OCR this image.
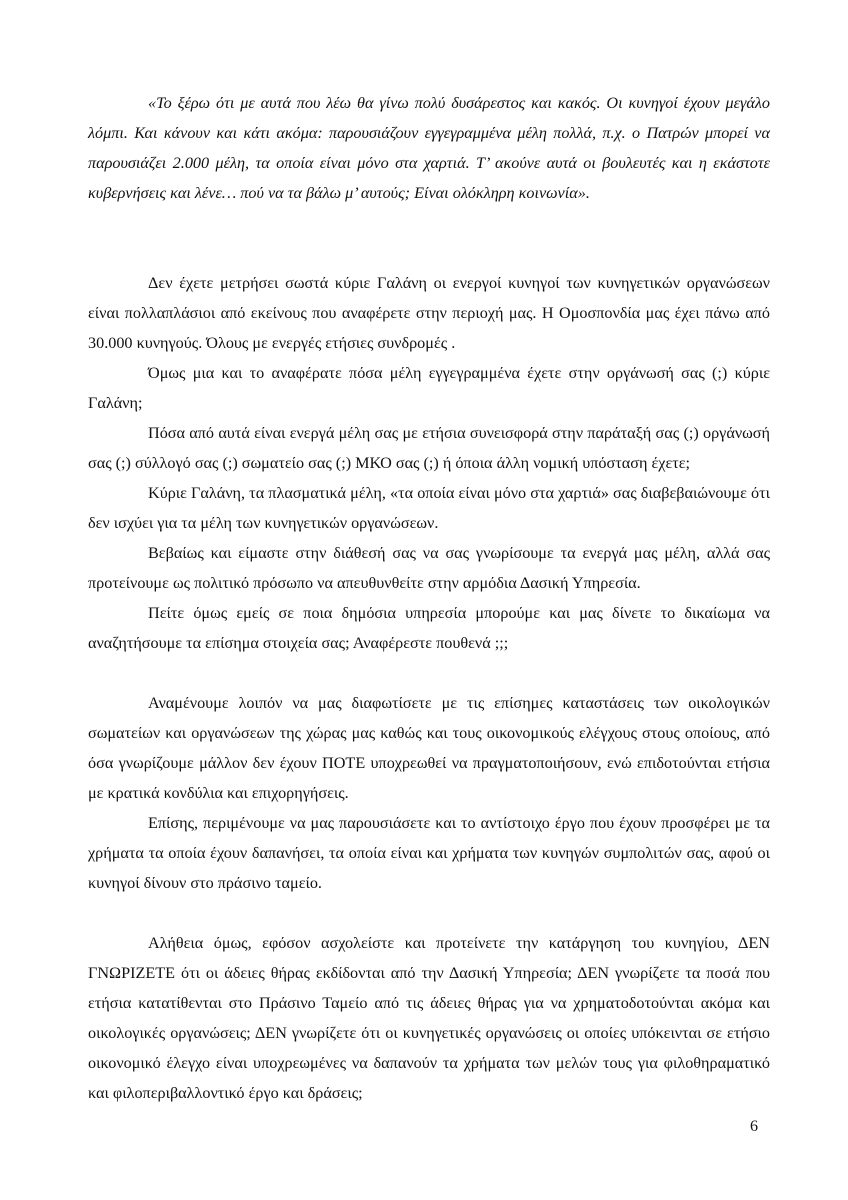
«Το ξέρω ότι με αυτά που λέω θα γίνω πολύ δυσάρεστος και κακός. Οι κυνηγοί έχουν μεγάλο λόμπι. Και κάνουν και κάτι ακόμα: παρουσιάζουν εγγεγραμμένα μέλη πολλά, π.χ. ο Πατρών μπορεί να παρουσιάζει 2.000 μέλη, τα οποία είναι μόνο στα χαρτιά. Τ’ ακούνε αυτά οι βουλευτές και η εκάστοτε κυβερνήσεις και λένε… πού να τα βάλω μ’ αυτούς; Είναι ολόκληρη κοινωνία».

Δεν έχετε μετρήσει σωστά κύριε Γαλάνη οι ενεργοί κυνηγοί των κυνηγετικών οργανώσεων είναι πολλαπλάσιοι από εκείνους που αναφέρετε στην περιοχή μας. Η Ομοσπονδία μας έχει πάνω από 30.000 κυνηγούς. Όλους με ενεργές ετήσιες συνδρομές .

Όμως μια και το αναφέρατε πόσα μέλη εγγεγραμμένα έχετε στην οργάνωσή σας (;) κύριε Γαλάνη;

Πόσα από αυτά είναι ενεργά μέλη σας με ετήσια συνεισφορά στην παράταξή σας (;) οργάνωσή σας (;) σύλλογό σας (;) σωματείο σας (;) ΜΚΟ σας (;) ή όποια άλλη νομική υπόσταση έχετε;

Κύριε Γαλάνη, τα πλασματικά μέλη, «τα οποία είναι μόνο στα χαρτιά» σας διαβεβαιώνουμε ότι δεν ισχύει για τα μέλη των κυνηγετικών οργανώσεων.

Βεβαίως και είμαστε στην διάθεσή σας να σας γνωρίσουμε τα ενεργά μας μέλη, αλλά σας προτείνουμε ως πολιτικό πρόσωπο να απευθυνθείτε στην αρμόδια Δασική Υπηρεσία.

Πείτε όμως εμείς σε ποια δημόσια υπηρεσία μπορούμε και μας δίνετε το δικαίωμα να αναζητήσουμε τα επίσημα στοιχεία σας; Αναφέρεστε πουθενά ;;;

Αναμένουμε λοιπόν να μας διαφωτίσετε με τις επίσημες καταστάσεις των οικολογικών σωματείων και οργανώσεων της χώρας μας καθώς και τους οικονομικούς ελέγχους στους οποίους, από όσα γνωρίζουμε μάλλον δεν έχουν ΠΟΤΕ υποχρεωθεί να πραγματοποιήσουν, ενώ επιδοτούνται ετήσια με κρατικά κονδύλια και επιχορηγήσεις.

Επίσης, περιμένουμε να μας παρουσιάσετε και το αντίστοιχο έργο που έχουν προσφέρει με τα χρήματα τα οποία έχουν δαπανήσει, τα οποία είναι και χρήματα των κυνηγών συμπολιτών σας, αφού οι κυνηγοί δίνουν στο πράσινο ταμείο.

Αλήθεια όμως, εφόσον ασχολείστε και προτείνετε την κατάργηση του κυνηγίου, ΔΕΝ ΓΝΩΡΙΖΕΤΕ ότι οι άδειες θήρας εκδίδονται από την Δασική Υπηρεσία; ΔΕΝ γνωρίζετε τα ποσά που ετήσια κατατίθενται στο Πράσινο Ταμείο από τις άδειες θήρας για να χρηματοδοτούνται ακόμα και οικολογικές οργανώσεις; ΔΕΝ γνωρίζετε ότι οι κυνηγετικές οργανώσεις οι οποίες υπόκεινται σε ετήσιο οικονομικό έλεγχο είναι υποχρεωμένες να δαπανούν τα χρήματα των μελών τους για φιλοθηραματικό και φιλοπεριβαλλοντικό έργο και δράσεις;

6
